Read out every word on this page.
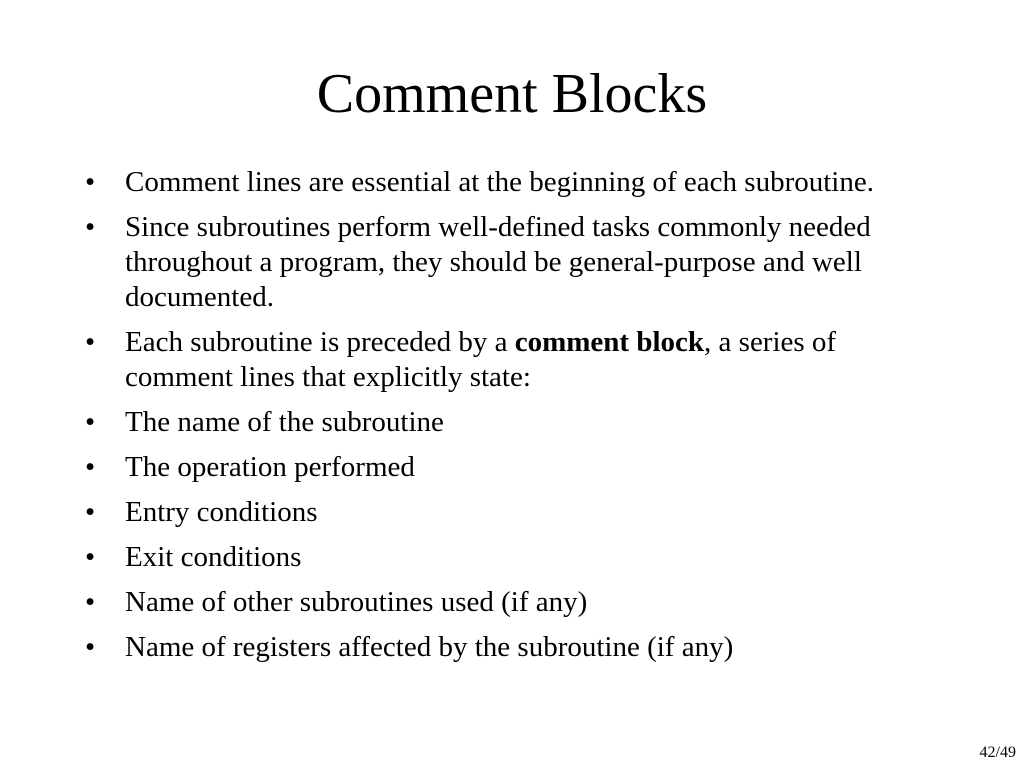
Comment Blocks
•	Comment lines are essential at the beginning of each subroutine.
•	Since subroutines perform well-defined tasks commonly needed throughout a program, they should be general-purpose and well documented.
•	Each subroutine is preceded by a comment block, a series of comment lines that explicitly state:
•	The name of the subroutine
•	The operation performed
•	Entry conditions
•	Exit conditions
•	Name of other subroutines used (if any)
•	Name of registers affected by the subroutine (if any)
42/49
